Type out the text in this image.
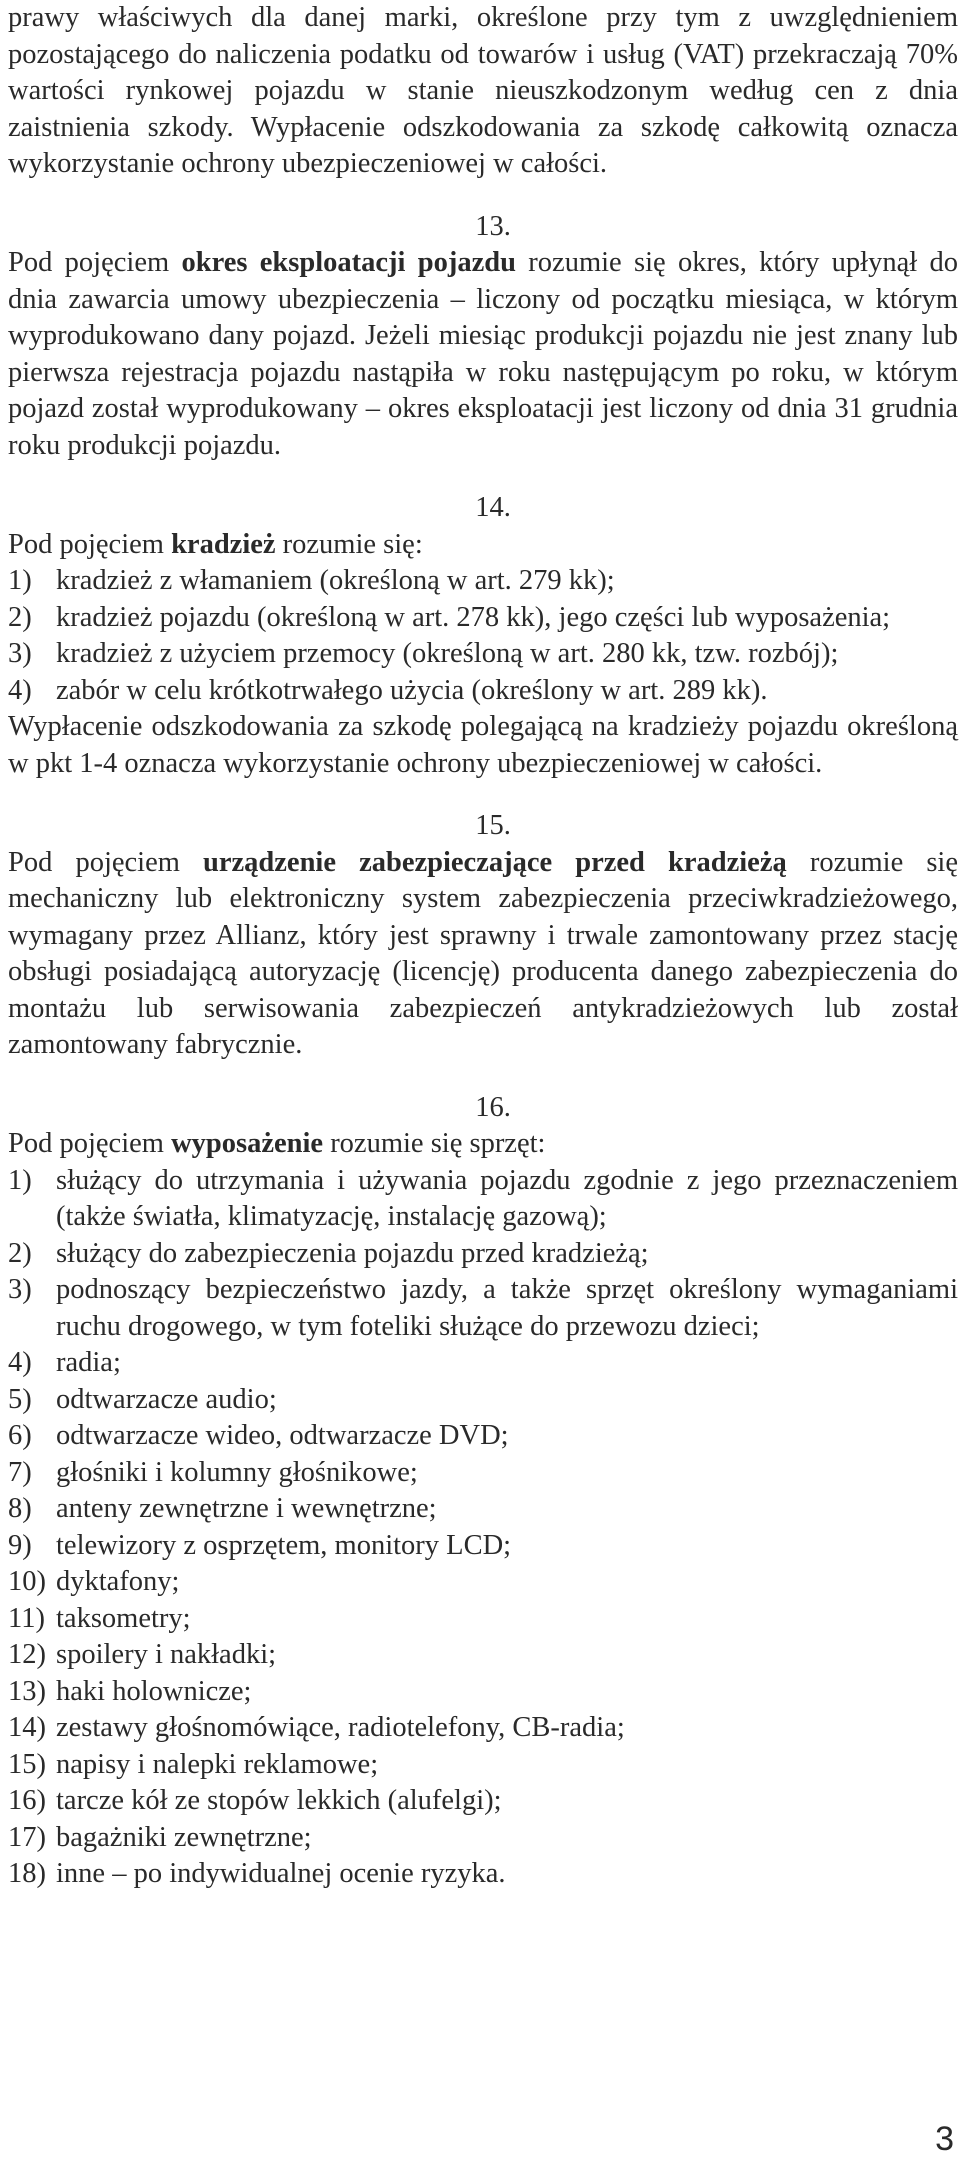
prawy właściwych dla danej marki, określone przy tym z uwzględnieniem pozostającego do naliczenia podatku od towarów i usług (VAT) przekraczają 70% wartości rynkowej pojazdu w stanie nieuszkodzonym według cen z dnia zaistnienia szkody. Wypłacenie odszkodowania za szkodę całkowitą oznacza wykorzystanie ochrony ubezpieczeniowej w całości.

13.

Pod pojęciem okres eksploatacji pojazdu rozumie się okres, który upłynął do dnia zawarcia umowy ubezpieczenia – liczony od początku miesiąca, w którym wyprodukowano dany pojazd. Jeżeli miesiąc produkcji pojazdu nie jest znany lub pierwsza rejestracja pojazdu nastąpiła w roku następującym po roku, w którym pojazd został wyprodukowany – okres eksploatacji jest liczony od dnia 31 grudnia roku produkcji pojazdu.

14.

Pod pojęciem kradzież rozumie się:

1) kradzież z włamaniem (określoną w art. 279 kk);
2) kradzież pojazdu (określoną w art. 278 kk), jego części lub wyposażenia;
3) kradzież z użyciem przemocy (określoną w art. 280 kk, tzw. rozbój);
4) zabór w celu krótkotrwałego użycia (określony w art. 289 kk).

Wypłacenie odszkodowania za szkodę polegającą na kradzieży pojazdu określoną w pkt 1-4 oznacza wykorzystanie ochrony ubezpieczeniowej w całości.

15.

Pod pojęciem urządzenie zabezpieczające przed kradzieżą rozumie się mechaniczny lub elektroniczny system zabezpieczenia przeciwkradzieżowego, wymagany przez Allianz, który jest sprawny i trwale zamontowany przez stację obsługi posiadającą autoryzację (licencję) producenta danego zabezpieczenia do montażu lub serwisowania zabezpieczeń antykradzieżowych lub został zamontowany fabrycznie.

16.

Pod pojęciem wyposażenie rozumie się sprzęt:

1) służący do utrzymania i używania pojazdu zgodnie z jego przeznaczeniem (także światła, klimatyzację, instalację gazową);
2) służący do zabezpieczenia pojazdu przed kradzieżą;
3) podnoszący bezpieczeństwo jazdy, a także sprzęt określony wymaganiami ruchu drogowego, w tym foteliki służące do przewozu dzieci;
4) radia;
5) odtwarzacze audio;
6) odtwarzacze wideo, odtwarzacze DVD;
7) głośniki i kolumny głośnikowe;
8) anteny zewnętrzne i wewnętrzne;
9) telewizory z osprzętem, monitory LCD;
10) dyktafony;
11) taksometry;
12) spoilery i nakładki;
13) haki holownicze;
14) zestawy głośnomówiące, radiotelefony, CB-radia;
15) napisy i nalepki reklamowe;
16) tarcze kół ze stopów lekkich (alufelgi);
17) bagażniki zewnętrzne;
18) inne – po indywidualnej ocenie ryzyka.
3
